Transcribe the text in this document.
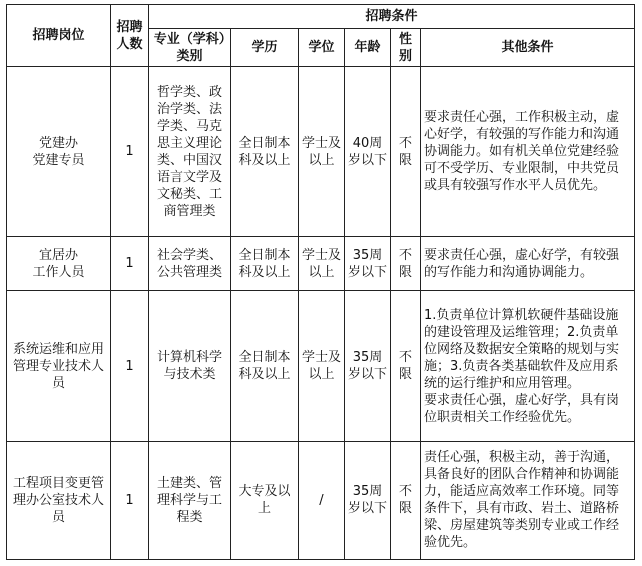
招聘岗位	招聘人数	招聘条件					
		专业（学科）类别	学历	学位	年龄	性别	其他条件
党建办
党建专员	1	哲学类、政治学类、法学类、马克思主义理论类、中国汉语言文学及文秘类、工商管理类	全日制本科及以上	学士及以上	40周岁以下	不限	要求责任心强，工作积极主动，虚心好学，有较强的写作能力和沟通协调能力。如有机关单位党建经验可不受学历、专业限制，中共党员或具有较强写作水平人员优先。
宜居办
工作人员	1	社会学类、公共管理类	全日制本科及以上	学士及以上	35周岁以下	不限	要求责任心强，虚心好学，有较强的写作能力和沟通协调能力。
系统运维和应用管理专业技术人员	1	计算机科学与技术类	全日制本科及以上	学士及以上	35周岁以下	不限	1.负责单位计算机软硬件基础设施的建设管理及运维管理；2.负责单位网络及数据安全策略的规划与实施；3.负责各类基础软件及应用系统的运行维护和应用管理。
要求责任心强，虚心好学，具有岗位职责相关工作经验优先。
工程项目变更管理办公室技术人员	1	土建类、管理科学与工程类	大专及以上	/	35周岁以下	不限	责任心强，积极主动，善于沟通，具备良好的团队合作精神和协调能力，能适应高效率工作环境。同等条件下，具有市政、岩土、道路桥梁、房屋建筑等类别专业或工作经验优先。
